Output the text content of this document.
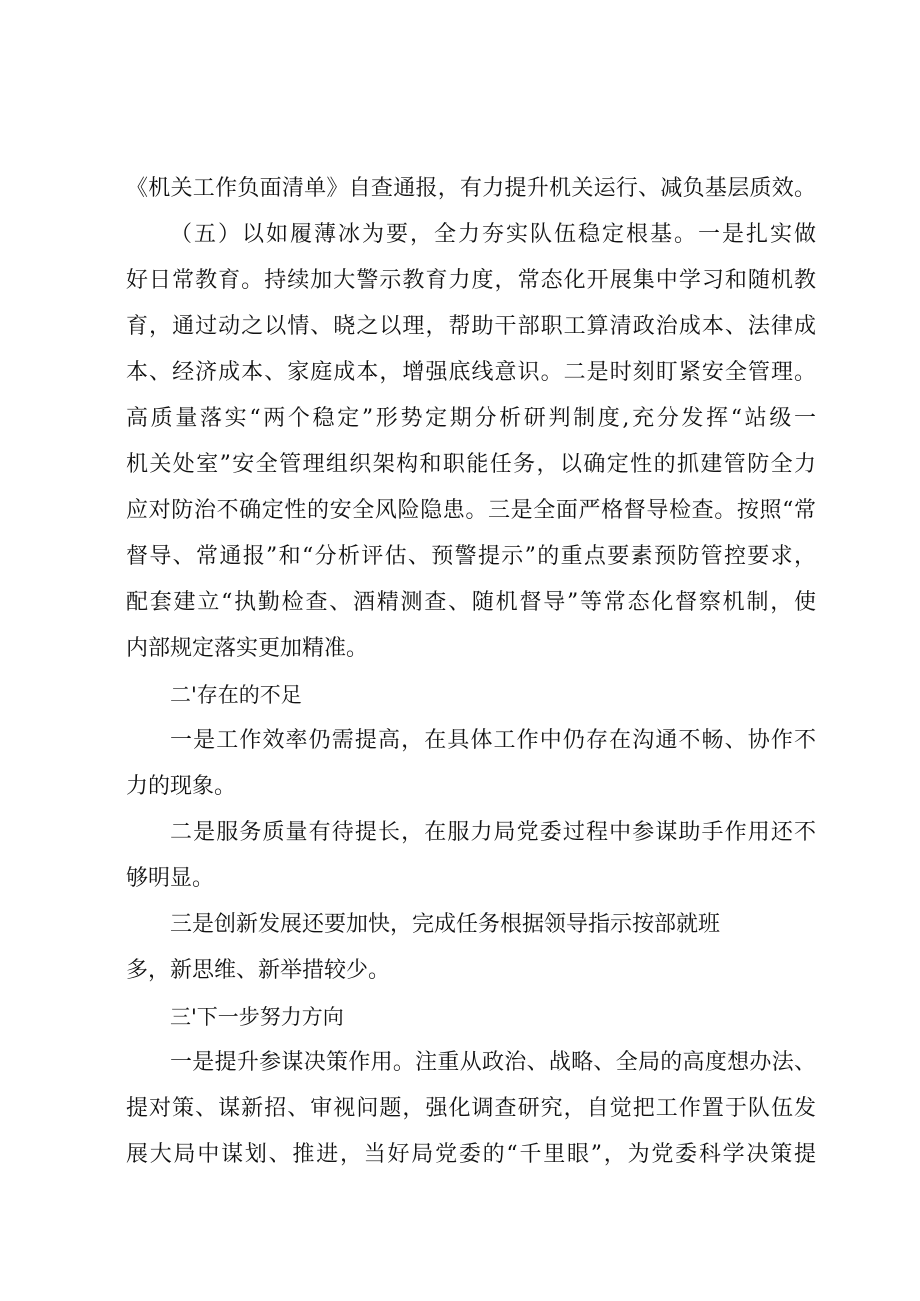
《机关工作负面清单》自查通报，有力提升机关运行、减负基层质效。
（五）以如履薄冰为要，全力夯实队伍稳定根基。一是扎实做
好日常教育。持续加大警示教育力度，常态化开展集中学习和随机教
育，通过动之以情、晓之以理，帮助干部职工算清政治成本、法律成
本、经济成本、家庭成本，增强底线意识。二是时刻盯紧安全管理。
高质量落实“两个稳定”形势定期分析研判制度,充分发挥“站级一
机关处室”安全管理组织架构和职能任务，以确定性的抓建管防全力
应对防治不确定性的安全风险隐患。三是全面严格督导检查。按照“常
督导、常通报”和“分析评估、预警提示”的重点要素预防管控要求，
配套建立“执勤检查、酒精测查、随机督导”等常态化督察机制，使
内部规定落实更加精准。
二'存在的不足
一是工作效率仍需提高，在具体工作中仍存在沟通不畅、协作不
力的现象。
二是服务质量有待提长，在服力局党委过程中参谋助手作用还不
够明显。
三是创新发展还要加快，完成任务根据领导指示按部就班
多，新思维、新举措较少。
三'下一步努力方向
一是提升参谋决策作用。注重从政治、战略、全局的高度想办法、
提对策、谋新招、审视问题，强化调查研究，自觉把工作置于队伍发
展大局中谋划、推进，当好局党委的“千里眼”，为党委科学决策提
